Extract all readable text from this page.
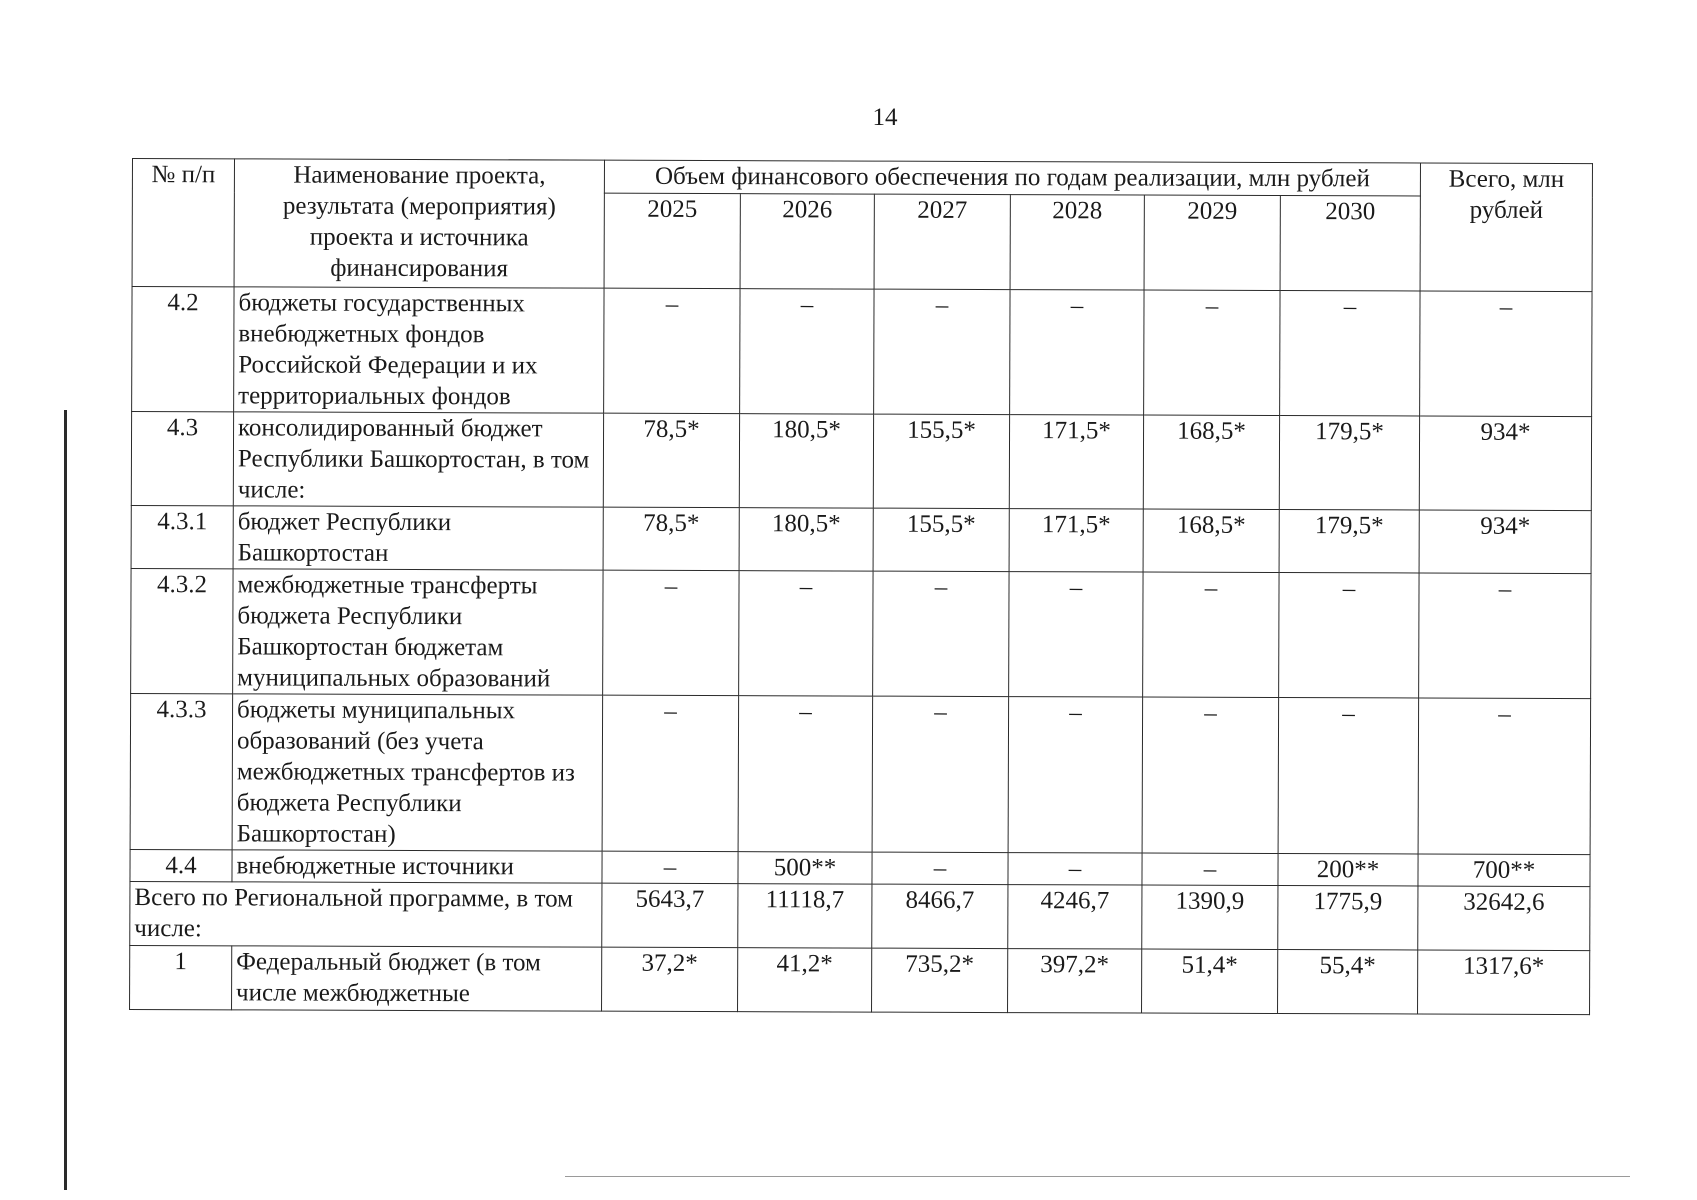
14
№ п/п	Наименование проекта, результата (мероприятия) проекта и источника финансирования	Объем финансового обеспечения по годам реализации, млн рублей						Всего, млн рублей
		2025	2026	2027	2028	2029	2030	
4.2	бюджеты государственных внебюджетных фондов Российской Федерации и их территориальных фондов	–	–	–	–	–	–	–
4.3	консолидированный бюджет Республики Башкортостан, в том числе:	78,5*	180,5*	155,5*	171,5*	168,5*	179,5*	934*
4.3.1	бюджет Республики Башкортостан	78,5*	180,5*	155,5*	171,5*	168,5*	179,5*	934*
4.3.2	межбюджетные трансферты бюджета Республики Башкортостан бюджетам муниципальных образований	–	–	–	–	–	–	–
4.3.3	бюджеты муниципальных образований (без учета межбюджетных трансфертов из бюджета Республики Башкортостан)	–	–	–	–	–	–	–
4.4	внебюджетные источники	–	500**	–	–	–	200**	700**
Всего по Региональной программе, в том числе:		5643,7	11118,7	8466,7	4246,7	1390,9	1775,9	32642,6
1	Федеральный бюджет (в том числе межбюджетные	37,2*	41,2*	735,2*	397,2*	51,4*	55,4*	1317,6*
